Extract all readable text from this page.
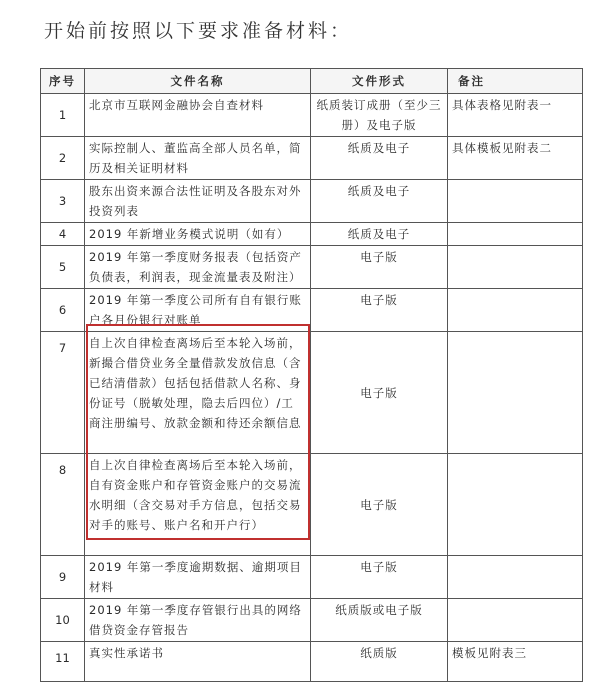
开始前按照以下要求准备材料：
序号	文件名称	文件形式	备注
1	北京市互联网金融协会自查材料	纸质装订成册（至少三册）及电子版	具体表格见附表一
2	实际控制人、董监高全部人员名单，简历及相关证明材料	纸质及电子	具体模板见附表二
3	股东出资来源合法性证明及各股东对外投资列表	纸质及电子	
4	2019 年新增业务模式说明（如有）	纸质及电子	
5	2019 年第一季度财务报表（包括资产负债表，利润表，现金流量表及附注）	电子版	
6	2019 年第一季度公司所有自有银行账户各月份银行对账单	电子版	
7	自上次自律检查离场后至本轮入场前，新撮合借贷业务全量借款发放信息（含已结清借款）包括包括借款人名称、身份证号（脱敏处理，隐去后四位）/工商注册编号、放款金额和待还余额信息	电子版	
8	自上次自律检查离场后至本轮入场前，自有资金账户和存管资金账户的交易流水明细（含交易对手方信息，包括交易对手的账号、账户名和开户行）	电子版	
9	2019 年第一季度逾期数据、逾期项目材料	电子版	
10	2019 年第一季度存管银行出具的网络借贷资金存管报告	纸质版或电子版	
11	真实性承诺书	纸质版	模板见附表三
